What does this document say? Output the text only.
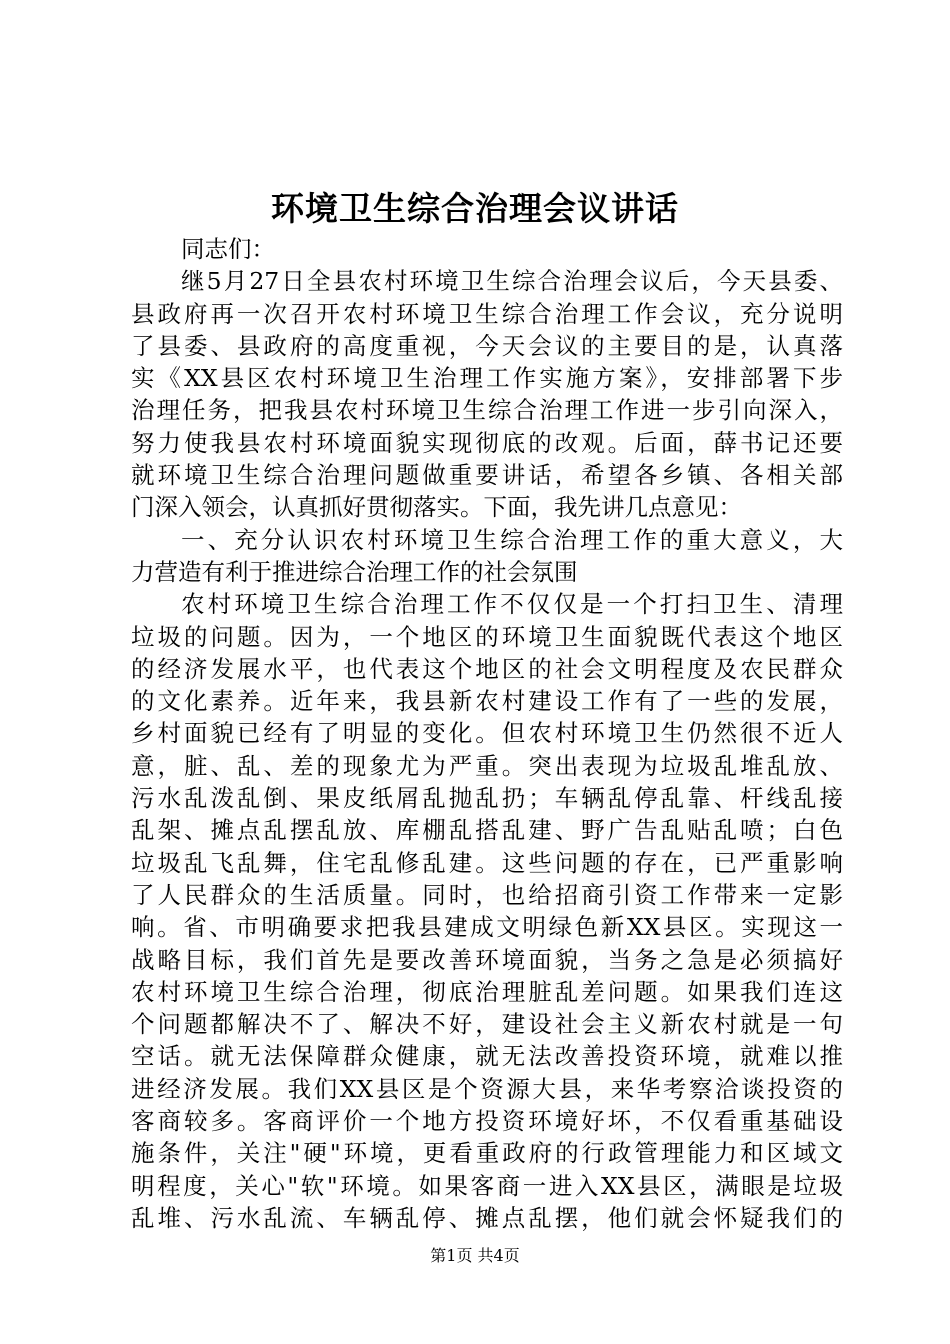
环境卫生综合治理会议讲话
同志们：
继5月27日全县农村环境卫生综合治理会议后，今天县委、
县政府再一次召开农村环境卫生综合治理工作会议，充分说明
了县委、县政府的高度重视，今天会议的主要目的是，认真落
实《XX县区农村环境卫生治理工作实施方案》，安排部署下步
治理任务，把我县农村环境卫生综合治理工作进一步引向深入，
努力使我县农村环境面貌实现彻底的改观。后面，薛书记还要
就环境卫生综合治理问题做重要讲话，希望各乡镇、各相关部
门深入领会，认真抓好贯彻落实。下面，我先讲几点意见：
一、充分认识农村环境卫生综合治理工作的重大意义，大
力营造有利于推进综合治理工作的社会氛围
农村环境卫生综合治理工作不仅仅是一个打扫卫生、清理
垃圾的问题。因为，一个地区的环境卫生面貌既代表这个地区
的经济发展水平，也代表这个地区的社会文明程度及农民群众
的文化素养。近年来，我县新农村建设工作有了一些的发展，
乡村面貌已经有了明显的变化。但农村环境卫生仍然很不近人
意，脏、乱、差的现象尤为严重。突出表现为垃圾乱堆乱放、
污水乱泼乱倒、果皮纸屑乱抛乱扔；车辆乱停乱靠、杆线乱接
乱架、摊点乱摆乱放、库棚乱搭乱建、野广告乱贴乱喷；白色
垃圾乱飞乱舞，住宅乱修乱建。这些问题的存在，已严重影响
了人民群众的生活质量。同时，也给招商引资工作带来一定影
响。省、市明确要求把我县建成文明绿色新XX县区。实现这一
战略目标，我们首先是要改善环境面貌，当务之急是必须搞好
农村环境卫生综合治理，彻底治理脏乱差问题。如果我们连这
个问题都解决不了、解决不好，建设社会主义新农村就是一句
空话。就无法保障群众健康，就无法改善投资环境，就难以推
进经济发展。我们XX县区是个资源大县，来华考察洽谈投资的
客商较多。客商评价一个地方投资环境好坏，不仅看重基础设
施条件，关注"硬"环境，更看重政府的行政管理能力和区域文
明程度，关心"软"环境。如果客商一进入XX县区，满眼是垃圾
乱堆、污水乱流、车辆乱停、摊点乱摆，他们就会怀疑我们的
第1页 共4页
